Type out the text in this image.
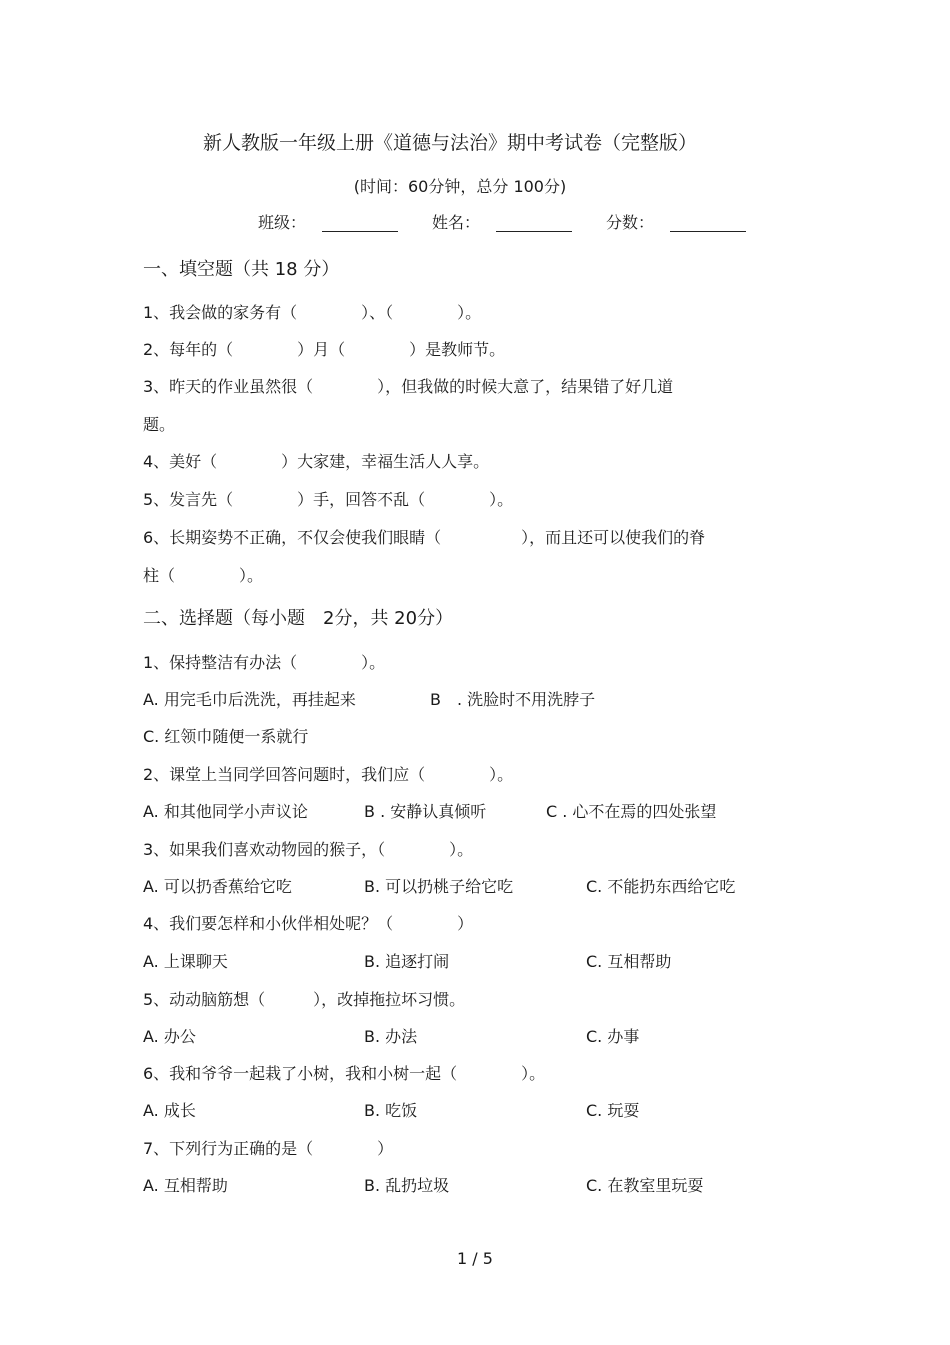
新人教版一年级上册《道德与法治》期中考试卷（完整版）
(时间：60分钟，总分 100分)
班级：	姓名：	分数：
一、填空题（共 18 分）
1、我会做的家务有（　　　　）、（　　　　）。
2、每年的（　　　　）月（　　　　）是教师节。
3、昨天的作业虽然很（　　　　），但我做的时候大意了，结果错了好几道
题。
4、美好（　　　　）大家建，幸福生活人人享。
5、发言先（　　　　）手，回答不乱（　　　　）。
6、长期姿势不正确，不仅会使我们眼睛（　　　　　），而且还可以使我们的脊
柱（　　　　）。
二、选择题（每小题　2分，共 20分）
1、保持整洁有办法（　　　　）。
A. 用完毛巾后洗洗，再挂起来	B　. 洗脸时不用洗脖子
C. 红领巾随便一系就行
2、课堂上当同学回答问题时，我们应（　　　　）。
A. 和其他同学小声议论	B . 安静认真倾听	C . 心不在焉的四处张望
3、如果我们喜欢动物园的猴子，（　　　　）。
A. 可以扔香蕉给它吃	B. 可以扔桃子给它吃	C. 不能扔东西给它吃
4、我们要怎样和小伙伴相处呢？（　　　　）
A. 上课聊天	B. 追逐打闹	C. 互相帮助
5、动动脑筋想（　　　），改掉拖拉坏习惯。
A. 办公	B. 办法	C. 办事
6、我和爷爷一起栽了小树，我和小树一起（　　　　）。
A. 成长	B. 吃饭	C. 玩耍
7、下列行为正确的是（　　　　）
A. 互相帮助	B. 乱扔垃圾	C. 在教室里玩耍
1 / 5
